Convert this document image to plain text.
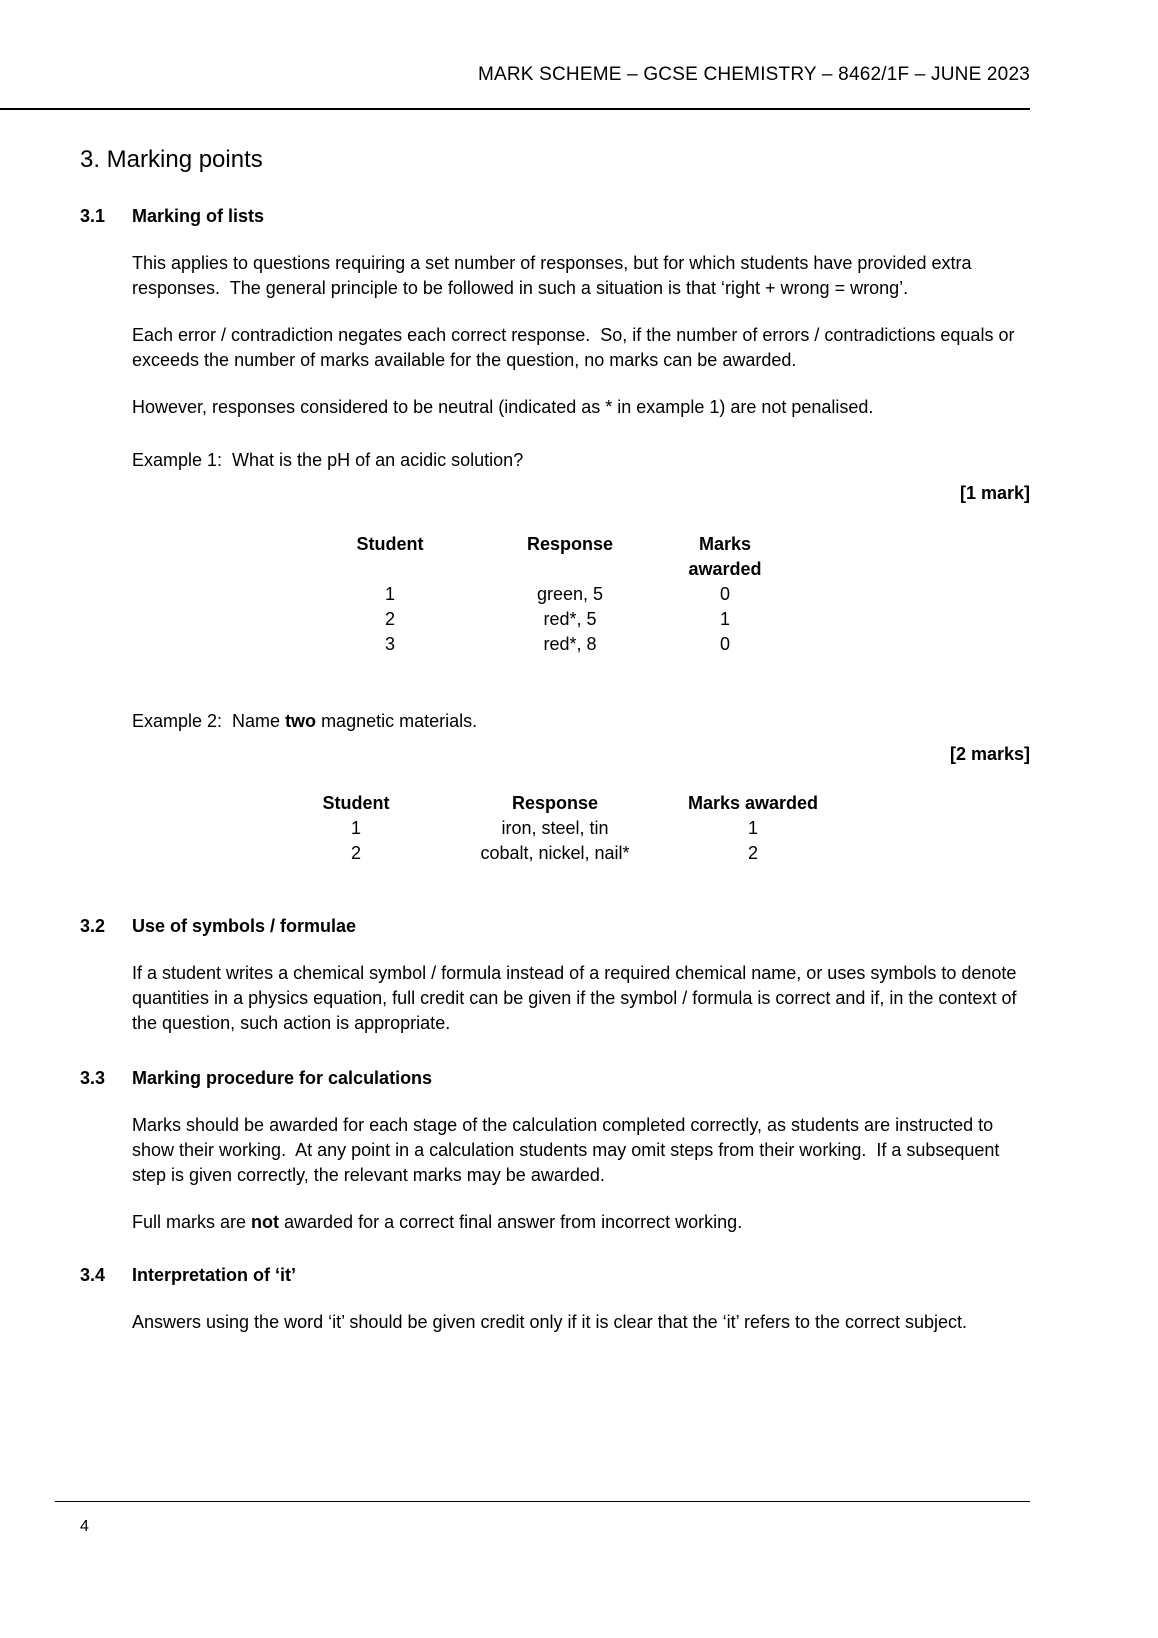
MARK SCHEME – GCSE CHEMISTRY – 8462/1F – JUNE 2023
3. Marking points
3.1	Marking of lists

This applies to questions requiring a set number of responses, but for which students have provided extra responses.  The general principle to be followed in such a situation is that ‘right + wrong = wrong’.

Each error / contradiction negates each correct response.  So, if the number of errors / contradictions equals or exceeds the number of marks available for the question, no marks can be awarded.

However, responses considered to be neutral (indicated as * in example 1) are not penalised.

Example 1:  What is the pH of an acidic solution?

[1 mark]
Student	Response	Marks awarded
1	green, 5	0
2	red*, 5	1
3	red*, 8	0

Example 2:  Name two magnetic materials.

[2 marks]
Student	Response	Marks awarded
1	iron, steel, tin	1
2	cobalt, nickel, nail*	2
3.2	Use of symbols / formulae

If a student writes a chemical symbol / formula instead of a required chemical name, or uses symbols to denote quantities in a physics equation, full credit can be given if the symbol / formula is correct and if, in the context of the question, such action is appropriate.

3.3	Marking procedure for calculations

Marks should be awarded for each stage of the calculation completed correctly, as students are instructed to show their working.  At any point in a calculation students may omit steps from their working.  If a subsequent step is given correctly, the relevant marks may be awarded.

Full marks are not awarded for a correct final answer from incorrect working.

3.4	Interpretation of ‘it’

Answers using the word ‘it’ should be given credit only if it is clear that the ‘it’ refers to the correct subject.

4
